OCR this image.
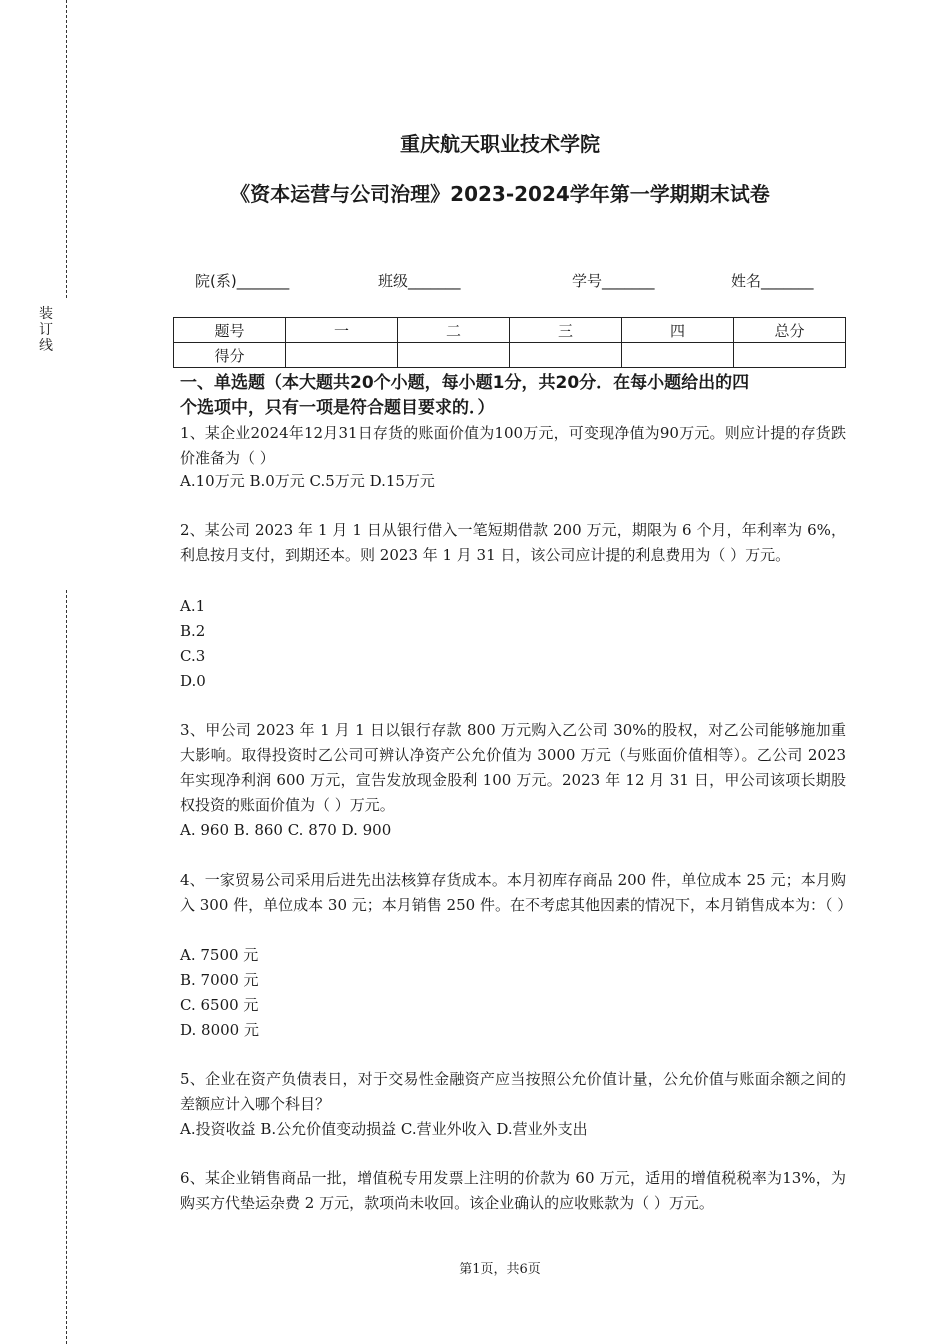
装订线
重庆航天职业技术学院
《资本运营与公司治理》2023-2024学年第一学期期末试卷
院(系)_______	班级_______	学号_______	姓名_______
题号	一	二	三	四	总分
得分					
一、单选题（本大题共20个小题，每小题1分，共20分．在每小题给出的四
个选项中，只有一项是符合题目要求的．）
1、某企业2024年12月31日存货的账面价值为100万元，可变现净值为90万元。则应计提的存货跌价准备为（ ）
A.10万元 B.0万元 C.5万元 D.15万元
2、某公司 2023 年 1 月 1 日从银行借入一笔短期借款 200 万元，期限为 6 个月，年利率为 6%，利息按月支付，到期还本。则 2023 年 1 月 31 日，该公司应计提的利息费用为（ ）万元。
A.1
B.2
C.3
D.0
3、甲公司 2023 年 1 月 1 日以银行存款 800 万元购入乙公司 30%的股权，对乙公司能够施加重大影响。取得投资时乙公司可辨认净资产公允价值为 3000 万元（与账面价值相等）。乙公司 2023 年实现净利润 600 万元，宣告发放现金股利 100 万元。2023 年 12 月 31 日，甲公司该项长期股权投资的账面价值为（ ）万元。
A. 960 B. 860 C. 870 D. 900
4、一家贸易公司采用后进先出法核算存货成本。本月初库存商品 200 件，单位成本 25 元；本月购入 300 件，单位成本 30 元；本月销售 250 件。在不考虑其他因素的情况下，本月销售成本为：（ ）
A. 7500 元
B. 7000 元
C. 6500 元
D. 8000 元
5、企业在资产负债表日，对于交易性金融资产应当按照公允价值计量，公允价值与账面余额之间的差额应计入哪个科目？
A.投资收益 B.公允价值变动损益 C.营业外收入 D.营业外支出
6、某企业销售商品一批，增值税专用发票上注明的价款为 60 万元，适用的增值税税率为13%，为购买方代垫运杂费 2 万元，款项尚未收回。该企业确认的应收账款为（ ）万元。
第1页，共6页
